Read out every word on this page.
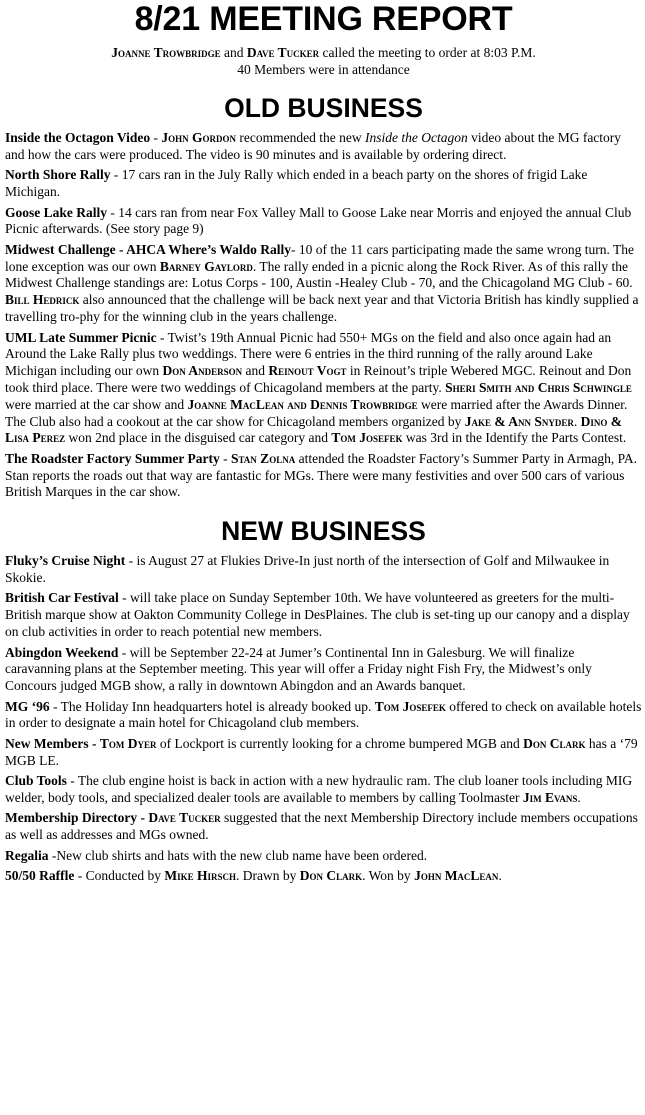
8/21 MEETING REPORT
Joanne Trowbridge and Dave Tucker called the meeting to order at 8:03 P.M.
40 Members were in attendance
OLD BUSINESS

Inside the Octagon Video - John Gordon recommended the new Inside the Octagon video about the MG factory and how the cars were produced. The video is 90 minutes and is available by ordering direct.

North Shore Rally - 17 cars ran in the July Rally which ended in a beach party on the shores of frigid Lake Michigan.

Goose Lake Rally - 14 cars ran from near Fox Valley Mall to Goose Lake near Morris and enjoyed the annual Club Picnic afterwards. (See story page 9)

Midwest Challenge - AHCA Where’s Waldo Rally- 10 of the 11 cars participating made the same wrong turn. The lone exception was our own Barney Gaylord. The rally ended in a picnic along the Rock River. As of this rally the Midwest Challenge standings are: Lotus Corps - 100, Austin -Healey Club - 70, and the Chicagoland MG Club - 60. Bill Hedrick also announced that the challenge will be back next year and that Victoria British has kindly supplied a travelling tro-phy for the winning club in the years challenge.

UML Late Summer Picnic - Twist’s 19th Annual Picnic had 550+ MGs on the field and also once again had an Around the Lake Rally plus two weddings. There were 6 entries in the third running of the rally around Lake Michigan including our own Don Anderson and Reinout Vogt in Reinout’s triple Webered MGC. Reinout and Don took third place. There were two weddings of Chicagoland members at the party. Sheri Smith and Chris Schwingle were married at the car show and Joanne MacLean and Dennis Trowbridge were married after the Awards Dinner. The Club also had a cookout at the car show for Chicagoland members organized by Jake & Ann Snyder. Dino & Lisa Perez won 2nd place in the disguised car category and Tom Josefek was 3rd in the Identify the Parts Contest.

The Roadster Factory Summer Party - Stan Zolna attended the Roadster Factory’s Summer Party in Armagh, PA. Stan reports the roads out that way are fantastic for MGs. There were many festivities and over 500 cars of various British Marques in the car show.

NEW BUSINESS

Fluky’s Cruise Night - is August 27 at Flukies Drive-In just north of the intersection of Golf and Milwaukee in Skokie.

British Car Festival - will take place on Sunday September 10th. We have volunteered as greeters for the multi-British marque show at Oakton Community College in DesPlaines. The club is set-ting up our canopy and a display on club activities in order to reach potential new members.

Abingdon Weekend - will be September 22-24 at Jumer’s Continental Inn in Galesburg. We will finalize caravanning plans at the September meeting. This year will offer a Friday night Fish Fry, the Midwest’s only Concours judged MGB show, a rally in downtown Abingdon and an Awards banquet.

MG ‘96 - The Holiday Inn headquarters hotel is already booked up. Tom Josefek offered to check on available hotels in order to designate a main hotel for Chicagoland club members.

New Members - Tom Dyer of Lockport is currently looking for a chrome bumpered MGB and Don Clark has a ‘79 MGB LE.

Club Tools - The club engine hoist is back in action with a new hydraulic ram. The club loaner tools including MIG welder, body tools, and specialized dealer tools are available to members by calling Toolmaster Jim Evans.

Membership Directory - Dave Tucker suggested that the next Membership Directory include members occupations as well as addresses and MGs owned.

Regalia -New club shirts and hats with the new club name have been ordered.

50/50 Raffle - Conducted by Mike Hirsch. Drawn by Don Clark. Won by John MacLean.
